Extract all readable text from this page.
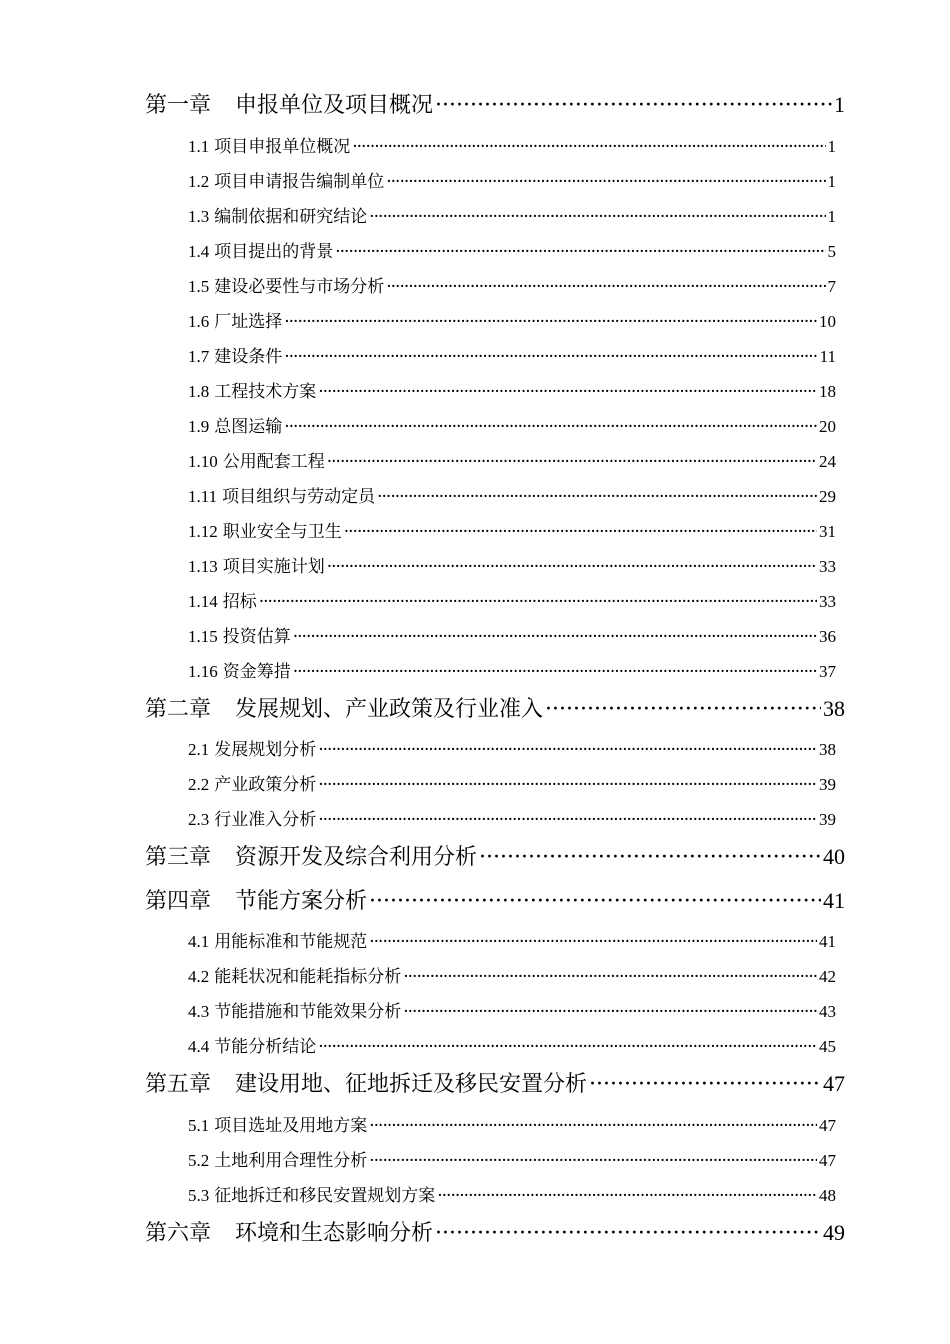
第一章 申报单位及项目概况 ·····	1
1.1 项目申报单位概况 ·····	1
1.2 项目申请报告编制单位 ·····	1
1.3 编制依据和研究结论 ·····	1
1.4 项目提出的背景 ·····	5
1.5 建设必要性与市场分析 ·····	7
1.6 厂址选择 ·····	10
1.7 建设条件 ·····	11
1.8 工程技术方案 ·····	18
1.9 总图运输 ·····	20
1.10 公用配套工程 ·····	24
1.11 项目组织与劳动定员 ·····	29
1.12 职业安全与卫生 ·····	31
1.13 项目实施计划 ·····	33
1.14 招标 ·····	33
1.15 投资估算 ·····	36
1.16 资金筹措 ·····	37
第二章 发展规划、产业政策及行业准入 ·····	38
2.1 发展规划分析 ·····	38
2.2 产业政策分析 ·····	39
2.3 行业准入分析 ·····	39
第三章 资源开发及综合利用分析 ·····	40
第四章 节能方案分析 ·····	41
4.1 用能标准和节能规范 ·····	41
4.2 能耗状况和能耗指标分析 ·····	42
4.3 节能措施和节能效果分析 ·····	43
4.4 节能分析结论 ·····	45
第五章 建设用地、征地拆迁及移民安置分析 ·····	47
5.1 项目选址及用地方案 ·····	47
5.2 土地利用合理性分析 ·····	47
5.3 征地拆迁和移民安置规划方案 ·····	48
第六章 环境和生态影响分析 ·····	49
